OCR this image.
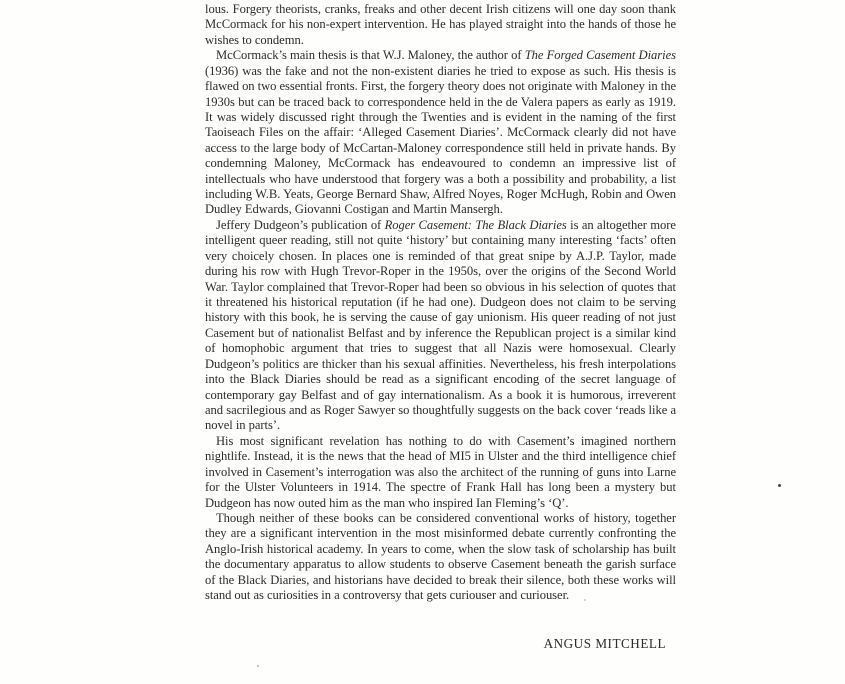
lous. Forgery theorists, cranks, freaks and other decent Irish citizens will one day soon thank McCormack for his non-expert intervention. He has played straight into the hands of those he wishes to condemn.

McCormack’s main thesis is that W.J. Maloney, the author of The Forged Casement Diaries (1936) was the fake and not the non-existent diaries he tried to expose as such. His thesis is flawed on two essential fronts. First, the forgery theory does not originate with Maloney in the 1930s but can be traced back to correspondence held in the de Valera papers as early as 1919. It was widely discussed right through the Twenties and is evident in the naming of the first Taoiseach Files on the affair: ‘Alleged Casement Diaries’. McCormack clearly did not have access to the large body of McCartan-Maloney correspondence still held in private hands. By condemning Maloney, McCormack has endeavoured to condemn an impressive list of intellectuals who have understood that forgery was a both a possibility and probability, a list including W.B. Yeats, George Bernard Shaw, Alfred Noyes, Roger McHugh, Robin and Owen Dudley Edwards, Giovanni Costigan and Martin Mansergh.

Jeffery Dudgeon’s publication of Roger Casement: The Black Diaries is an altogether more intelligent queer reading, still not quite ‘history’ but containing many interesting ‘facts’ often very choicely chosen. In places one is reminded of that great snipe by A.J.P. Taylor, made during his row with Hugh Trevor-Roper in the 1950s, over the origins of the Second World War. Taylor complained that Trevor-Roper had been so obvious in his selection of quotes that it threatened his historical reputation (if he had one). Dudgeon does not claim to be serving history with this book, he is serving the cause of gay unionism. His queer reading of not just Casement but of nationalist Belfast and by inference the Republican project is a similar kind of homophobic argument that tries to suggest that all Nazis were homosexual. Clearly Dudgeon’s politics are thicker than his sexual affinities. Nevertheless, his fresh interpolations into the Black Diaries should be read as a significant encoding of the secret language of contemporary gay Belfast and of gay internationalism. As a book it is humorous, irreverent and sacrilegious and as Roger Sawyer so thoughtfully suggests on the back cover ‘reads like a novel in parts’.

His most significant revelation has nothing to do with Casement’s imagined northern nightlife. Instead, it is the news that the head of MI5 in Ulster and the third intelligence chief involved in Casement’s interrogation was also the architect of the running of guns into Larne for the Ulster Volunteers in 1914. The spectre of Frank Hall has long been a mystery but Dudgeon has now outed him as the man who inspired Ian Fleming’s ‘Q’.

Though neither of these books can be considered conventional works of history, together they are a significant intervention in the most misinformed debate currently confronting the Anglo-Irish historical academy. In years to come, when the slow task of scholarship has built the documentary apparatus to allow students to observe Casement beneath the garish surface of the Black Diaries, and historians have decided to break their silence, both these works will stand out as curiosities in a controversy that gets curiouser and curiouser.

ANGUS MITCHELL
